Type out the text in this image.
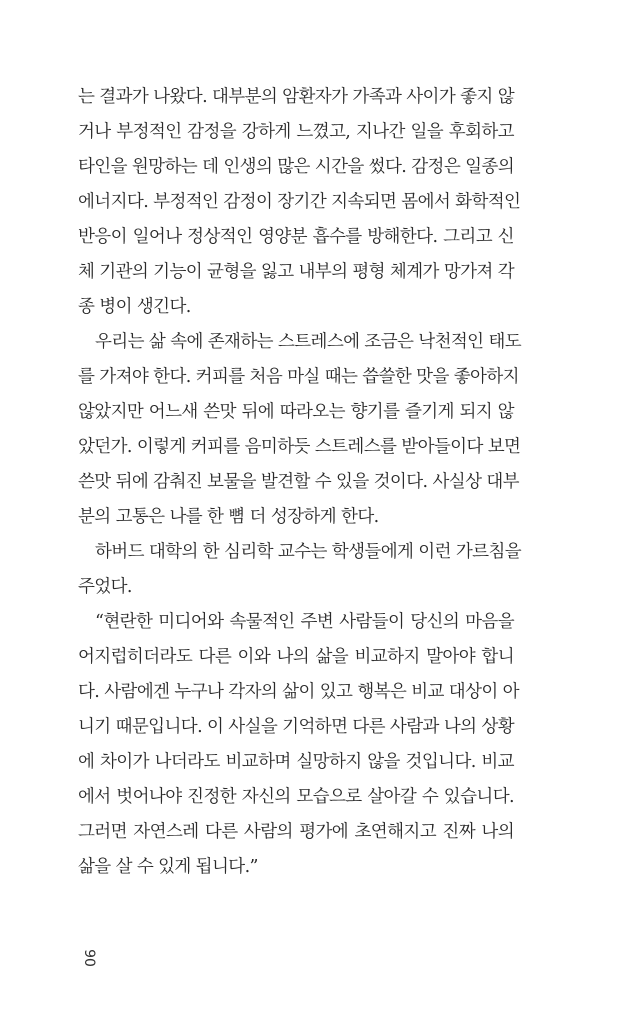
는 결과가 나왔다. 대부분의 암환자가 가족과 사이가 좋지 않
거나 부정적인 감정을 강하게 느꼈고, 지나간 일을 후회하고
타인을 원망하는 데 인생의 많은 시간을 썼다. 감정은 일종의
에너지다. 부정적인 감정이 장기간 지속되면 몸에서 화학적인
반응이 일어나 정상적인 영양분 흡수를 방해한다. 그리고 신
체 기관의 기능이 균형을 잃고 내부의 평형 체계가 망가져 각
종 병이 생긴다.
우리는 삶 속에 존재하는 스트레스에 조금은 낙천적인 태도
를 가져야 한다. 커피를 처음 마실 때는 씁쓸한 맛을 좋아하지
않았지만 어느새 쓴맛 뒤에 따라오는 향기를 즐기게 되지 않
았던가. 이렇게 커피를 음미하듯 스트레스를 받아들이다 보면
쓴맛 뒤에 감춰진 보물을 발견할 수 있을 것이다. 사실상 대부
분의 고통은 나를 한 뼘 더 성장하게 한다.
하버드 대학의 한 심리학 교수는 학생들에게 이런 가르침을
주었다.
“현란한 미디어와 속물적인 주변 사람들이 당신의 마음을
어지럽히더라도 다른 이와 나의 삶을 비교하지 말아야 합니
다. 사람에겐 누구나 각자의 삶이 있고 행복은 비교 대상이 아
니기 때문입니다. 이 사실을 기억하면 다른 사람과 나의 상황
에 차이가 나더라도 비교하며 실망하지 않을 것입니다. 비교
에서 벗어나야 진정한 자신의 모습으로 살아갈 수 있습니다.
그러면 자연스레 다른 사람의 평가에 초연해지고 진짜 나의
삶을 살 수 있게 됩니다.”
90
